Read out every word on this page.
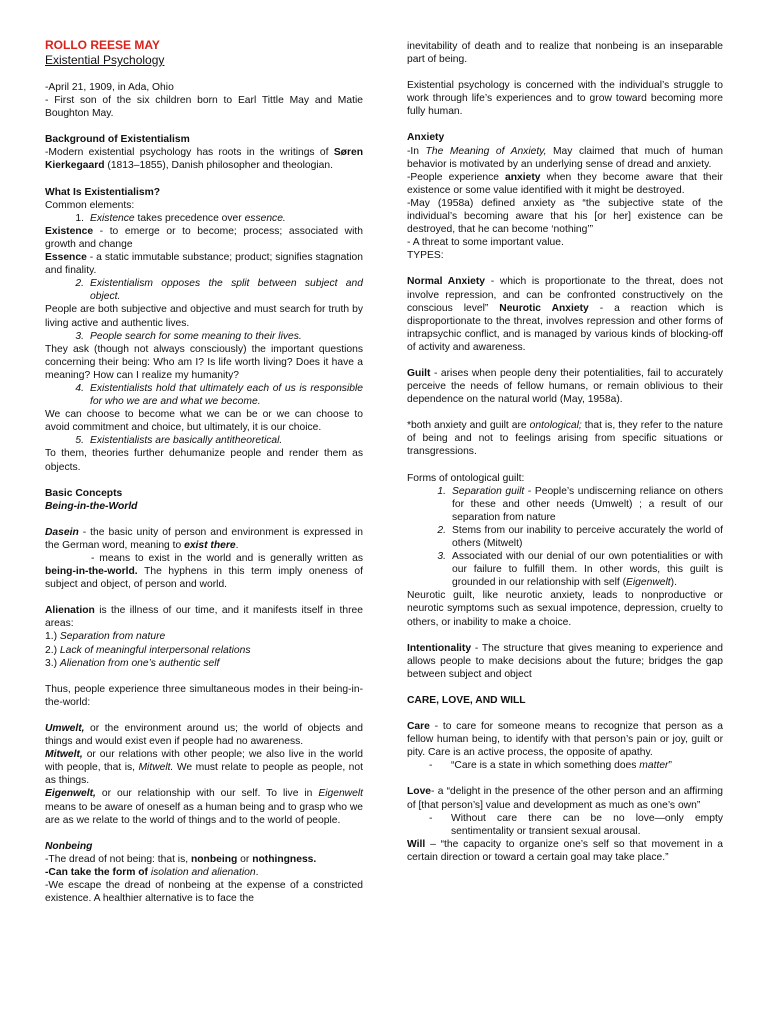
ROLLO REESE MAY

Existential Psychology

-April 21, 1909, in Ada, Ohio

- First son of the six children born to Earl Tittle May and Matie Boughton May.

Background of Existentialism

-Modern existential psychology has roots in the writings of Søren Kierkegaard (1813–1855), Danish philosopher and theologian.

What Is Existentialism?

Common elements:

1. Existence takes precedence over essence.

Existence - to emerge or to become; process; associated with growth and change

Essence - a static immutable substance; product; signifies stagnation and finality.

2. Existentialism opposes the split between subject and object.

People are both subjective and objective and must search for truth by living active and authentic lives.

3. People search for some meaning to their lives.

They ask (though not always consciously) the important questions concerning their being: Who am I? Is life worth living? Does it have a meaning? How can I realize my humanity?

4. Existentialists hold that ultimately each of us is responsible for who we are and what we become.

We can choose to become what we can be or we can choose to avoid commitment and choice, but ultimately, it is our choice.

5. Existentialists are basically antitheoretical.

To them, theories further dehumanize people and render them as objects.

Basic Concepts

Being-in-the-World

Dasein - the basic unity of person and environment is expressed in the German word, meaning to exist there.

- means to exist in the world and is generally written as being-in-the-world. The hyphens in this term imply oneness of subject and object, of person and world.

Alienation is the illness of our time, and it manifests itself in three areas:

1.) Separation from nature

2.) Lack of meaningful interpersonal relations

3.) Alienation from one’s authentic self

Thus, people experience three simultaneous modes in their being-in-the-world:

Umwelt, or the environment around us; the world of objects and things and would exist even if people had no awareness.

Mitwelt, or our relations with other people; we also live in the world with people, that is, Mitwelt. We must relate to people as people, not as things.

Eigenwelt, or our relationship with our self. To live in Eigenwelt means to be aware of oneself as a human being and to grasp who we are as we relate to the world of things and to the world of people.

Nonbeing

-The dread of not being: that is, nonbeing or nothingness.

-Can take the form of isolation and alienation.

-We escape the dread of nonbeing at the expense of a constricted existence. A healthier alternative is to face the

inevitability of death and to realize that nonbeing is an inseparable part of being.

Existential psychology is concerned with the individual’s struggle to work through life’s experiences and to grow toward becoming more fully human.

Anxiety

-In The Meaning of Anxiety, May claimed that much of human behavior is motivated by an underlying sense of dread and anxiety.

-People experience anxiety when they become aware that their existence or some value identified with it might be destroyed.

-May (1958a) defined anxiety as “the subjective state of the individual’s becoming aware that his [or her] existence can be destroyed, that he can become ‘nothing’”

- A threat to some important value.

TYPES:

Normal Anxiety - which is proportionate to the threat, does not involve repression, and can be confronted constructively on the conscious level” Neurotic Anxiety - a reaction which is disproportionate to the threat, involves repression and other forms of intrapsychic conflict, and is managed by various kinds of blocking-off of activity and awareness.

Guilt - arises when people deny their potentialities, fail to accurately perceive the needs of fellow humans, or remain oblivious to their dependence on the natural world (May, 1958a).

*both anxiety and guilt are ontological; that is, they refer to the nature of being and not to feelings arising from specific situations or transgressions.

Forms of ontological guilt:

1. Separation guilt - People’s undiscerning reliance on others for these and other needs (Umwelt) ; a result of our separation from nature
2. Stems from our inability to perceive accurately the world of others (Mitwelt)
3. Associated with our denial of our own potentialities or with our failure to fulfill them. In other words, this guilt is grounded in our relationship with self (Eigenwelt).

Neurotic guilt, like neurotic anxiety, leads to nonproductive or neurotic symptoms such as sexual impotence, depression, cruelty to others, or inability to make a choice.

Intentionality - The structure that gives meaning to experience and allows people to make decisions about the future; bridges the gap between subject and object

CARE, LOVE, AND WILL

Care - to care for someone means to recognize that person as a fellow human being, to identify with that person’s pain or joy, guilt or pity. Care is an active process, the opposite of apathy.

-	“Care is a state in which something does matter”

Love- a “delight in the presence of the other person and an affirming of [that person’s] value and development as much as one’s own”

-	Without care there can be no love—only empty sentimentality or transient sexual arousal.

Will – “the capacity to organize one’s self so that movement in a certain direction or toward a certain goal may take place.”
